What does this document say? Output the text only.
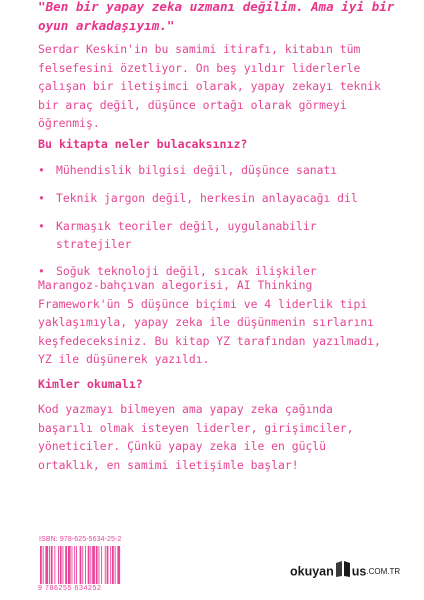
"Ben bir yapay zeka uzmanı değilim. Ama iyi bir
oyun arkadaşıyım."
Serdar Keskin'in bu samimi itirafı, kitabın tüm
felsefesini özetliyor. On beş yıldır liderlerle
çalışan bir iletişimci olarak, yapay zekayı teknik
bir araç değil, düşünce ortağı olarak görmeyi
öğrenmiş.
Bu kitapta neler bulacaksınız?
• Mühendislik bilgisi değil, düşünce sanatı
• Teknik jargon değil, herkesin anlayacağı dil
• Karmaşık teoriler değil, uygulanabilir
stratejiler
• Soğuk teknoloji değil, sıcak ilişkiler
Marangoz-bahçıvan alegorisi, AI Thinking
Framework'ün 5 düşünce biçimi ve 4 liderlik tipi
yaklaşımıyla, yapay zeka ile düşünmenin sırlarını
keşfedeceksiniz. Bu kitap YZ tarafından yazılmadı,
YZ ile düşünerek yazıldı.
Kimler okumalı?
Kod yazmayı bilmeyen ama yapay zeka çağında
başarılı olmak isteyen liderler, girişimciler,
yöneticiler. Çünkü yapay zeka ile en güçlü
ortaklık, en samimi iletişimle başlar!
ISBN: 978-625-5634-25-2
9 786255 634252
okuyan us.COM.TR
